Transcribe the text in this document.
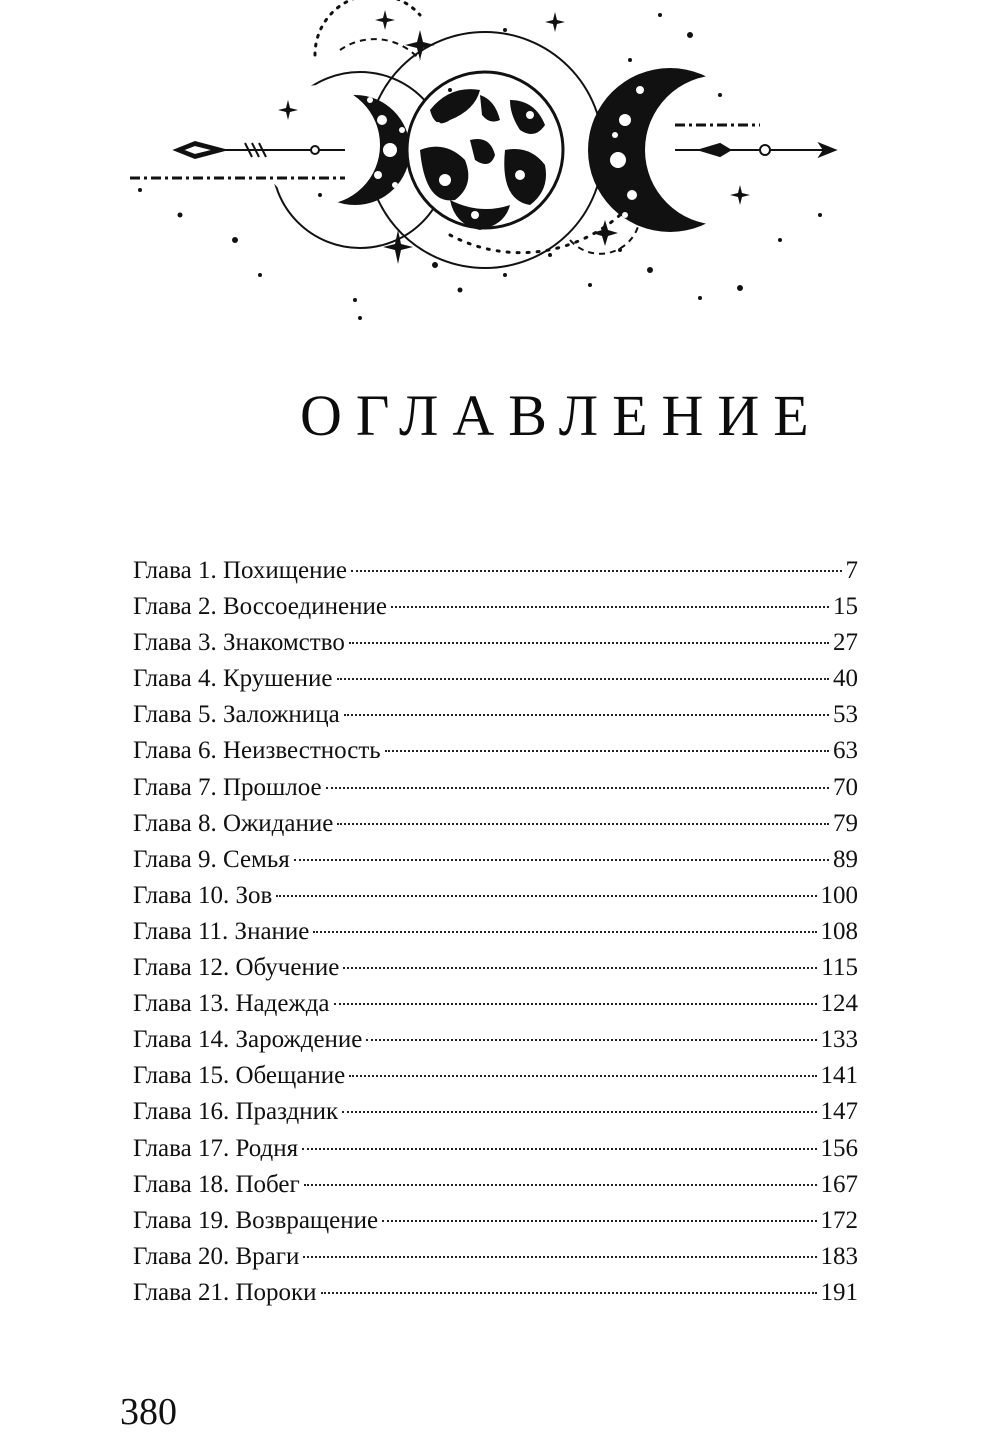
ОГЛАВЛЕНИЕ
Глава 1. Похищение	7
Глава 2. Воссоединение	15
Глава 3. Знакомство	27
Глава 4. Крушение	40
Глава 5. Заложница	53
Глава 6. Неизвестность	63
Глава 7. Прошлое	70
Глава 8. Ожидание	79
Глава 9. Семья	89
Глава 10. Зов	100
Глава 11. Знание	108
Глава 12. Обучение	115
Глава 13. Надежда	124
Глава 14. Зарождение	133
Глава 15. Обещание	141
Глава 16. Праздник	147
Глава 17. Родня	156
Глава 18. Побег	167
Глава 19. Возвращение	172
Глава 20. Враги	183
Глава 21. Пороки	191
380
